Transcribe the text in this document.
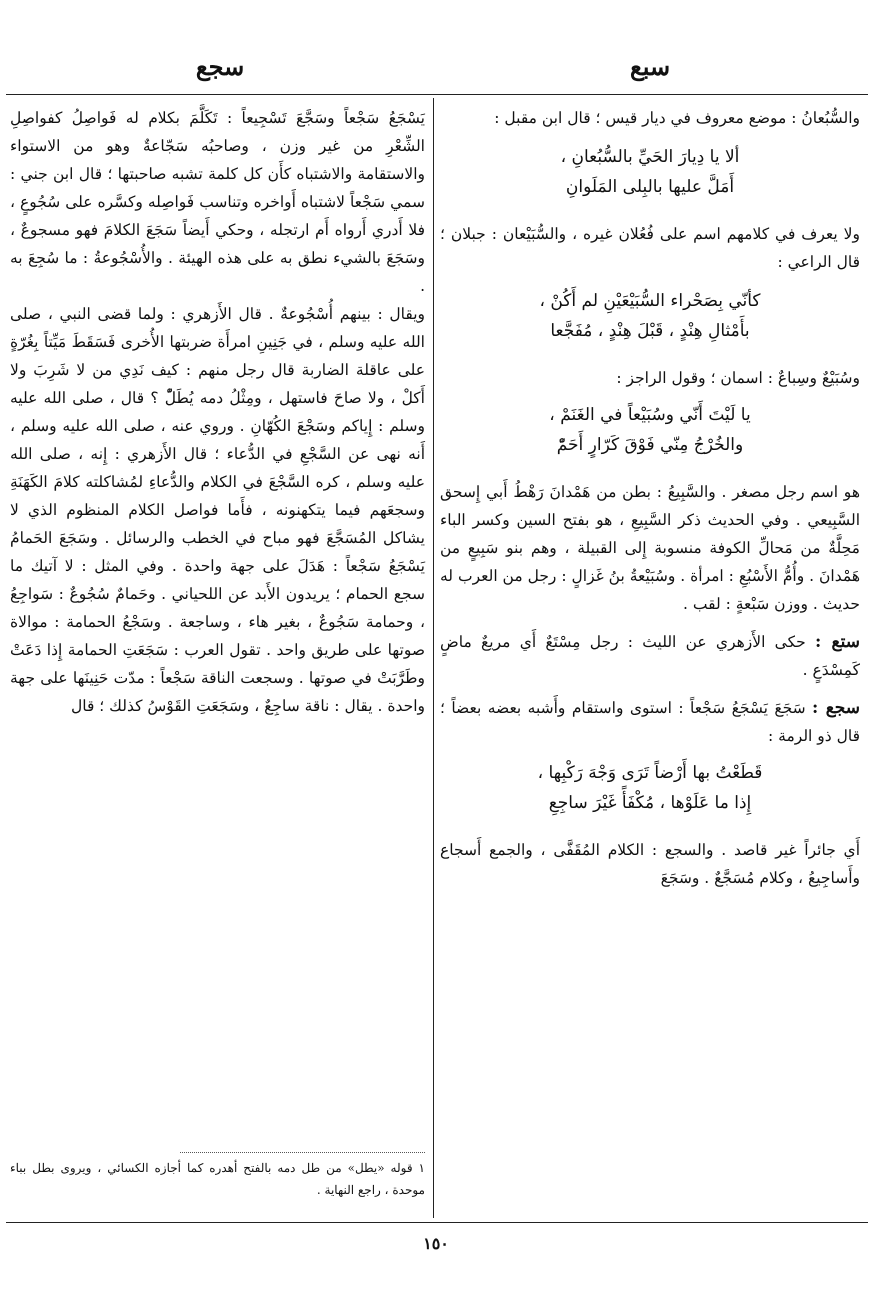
سبع
سجع

والسُّبُعانُ : موضع معروف في ديار قيس ؛ قال ابن مقبل :

ألا يا دِيارَ الحَيِّ بالسُّبُعانِ ،
أَمَلَّ عليها بالبِلى المَلَوانِ

ولا يعرف في كلامهم اسم على فُعُلان غيره ، والسُّبَيْعان : جبلان ؛ قال الراعي :

كأنّي بِصَحْراء السُّبَيْعَيْنِ لم أَكُنْ ،
بأَمْثالِ هِنْدٍ ، قَبْلَ هِنْدٍ ، مُفَجَّعا

وسُبَيْعٌ وسِباعٌ : اسمان ؛ وقول الراجز :

يا لَيْتَ أَنّي وسُبَيْعاً في الغَنَمْ ،
والخُرْجُ مِنّي فَوْقَ كَرّارٍ أَحَمّْ

هو اسم رجل مصغر . والسَّبِيعُ : بطن من هَمْدانَ رَهْطُ أَبي إِسحق السَّبِيعي . وفي الحديث ذكر السَّبِيعِ ، هو بفتح السين وكسر الباء مَحِلَّةٌ من مَحالِّ الكوفة منسوبة إِلى القبيلة ، وهم بنو سَبِيعٍ من هَمْدانَ . وأُمُّ الأَسْبُعِ : امرأة . وسُبَيْعةُ بنُ غَزالٍ : رجل من العرب له حديث . ووزن سَبْعةٍ : لقب .

ستع : حكى الأَزهري عن الليث : رجل مِسْتَعٌ أَي مريعٌ ماضٍ كَمِسْدَعٍ .

سجع : سَجَعَ يَسْجَعُ سَجْعاً : استوى واستقام وأَشبه بعضه بعضاً ؛ قال ذو الرمة :

قَطَعْتُ بها أَرْضاً تَرَى وَجْهَ رَكْبِها ،
إِذا ما عَلَوْها ، مُكْفَأً غَيْرَ ساجِعِ

أَي جائراً غير قاصد . والسجع : الكلام المُقَفَّى ، والجمع أَسجاع وأَساجِيعُ ، وكلام مُسَجَّعٌ . وسَجَعَ

يَسْجَعُ سَجْعاً وسَجَّعَ تَسْجِيعاً : تَكَلَّمَ بكلام له فَواصِلُ كفواصِلِ الشِّعْرِ من غير وزن ، وصاحبُه سَجّاعةٌ وهو من الاستواء والاستقامة والاشتباه كأَن كل كلمة تشبه صاحبتها ؛ قال ابن جني : سمي سَجْعاً لاشتباه أَواخره وتناسب فَواصِله وكسَّره على سُجُوعٍ ، فلا أَدري أَرواه أَم ارتجله ، وحكي أَيضاً سَجَعَ الكلامَ فهو مسجوعٌ ، وسَجَعَ بالشيء نطق به على هذه الهيئة . والأُسْجُوعةُ : ما سُجِعَ به .

ويقال : بينهم أُسْجُوعةٌ . قال الأَزهري : ولما قضى النبي ، صلى الله عليه وسلم ، في جَنِينِ امرأَة ضربتها الأُخرى فَسَقَطَ مَيِّتاً بِغُرّةٍ على عاقلة الضاربة قال رجل منهم : كيف نَدِي من لا شَرِبَ ولا أَكلْ ، ولا صاحَ فاستهل ، ومِثْلُ دمه يُطَلّْ ؟ قال ، صلى الله عليه وسلم : إِياكم وسَجْعَ الكُهّانِ . وروي عنه ، صلى الله عليه وسلم ، أَنه نهى عن السَّجْعِ في الدُّعاء ؛ قال الأَزهري : إِنه ، صلى الله عليه وسلم ، كره السَّجْعَ في الكلام والدُّعاءِ لمُشاكلته كلامَ الكَهَنَةِ وسجعَهم فيما يتكهنونه ، فأَما فواصل الكلام المنظوم الذي لا يشاكل المُسَجَّعَ فهو مباح في الخطب والرسائل . وسَجَعَ الحَمامُ يَسْجَعُ سَجْعاً : هَدَلَ على جهة واحدة . وفي المثل : لا آتيك ما سجع الحمام ؛ يريدون الأَبد عن اللحياني . وحَمامٌ سُجُوعٌ : سَواجِعُ ، وحمامة سَجُوعٌ ، بغير هاء ، وساجعة . وسَجْعُ الحمامة : موالاة صوتها على طريق واحد . تقول العرب : سَجَعَتِ الحمامة إِذا دَعَتْ وطَرَّبَتْ في صوتها . وسجعت الناقة سَجْعاً : مدّت حَنِينَها على جهة واحدة . يقال : ناقة ساجِعٌ ، وسَجَعَتِ القَوْسُ كذلك ؛ قال

١ قوله «يطل» من طل دمه بالفتح أهدره كما أجازه الكسائي ، ويروى بطل بباء موحدة ، راجع النهاية .
١٥٠
